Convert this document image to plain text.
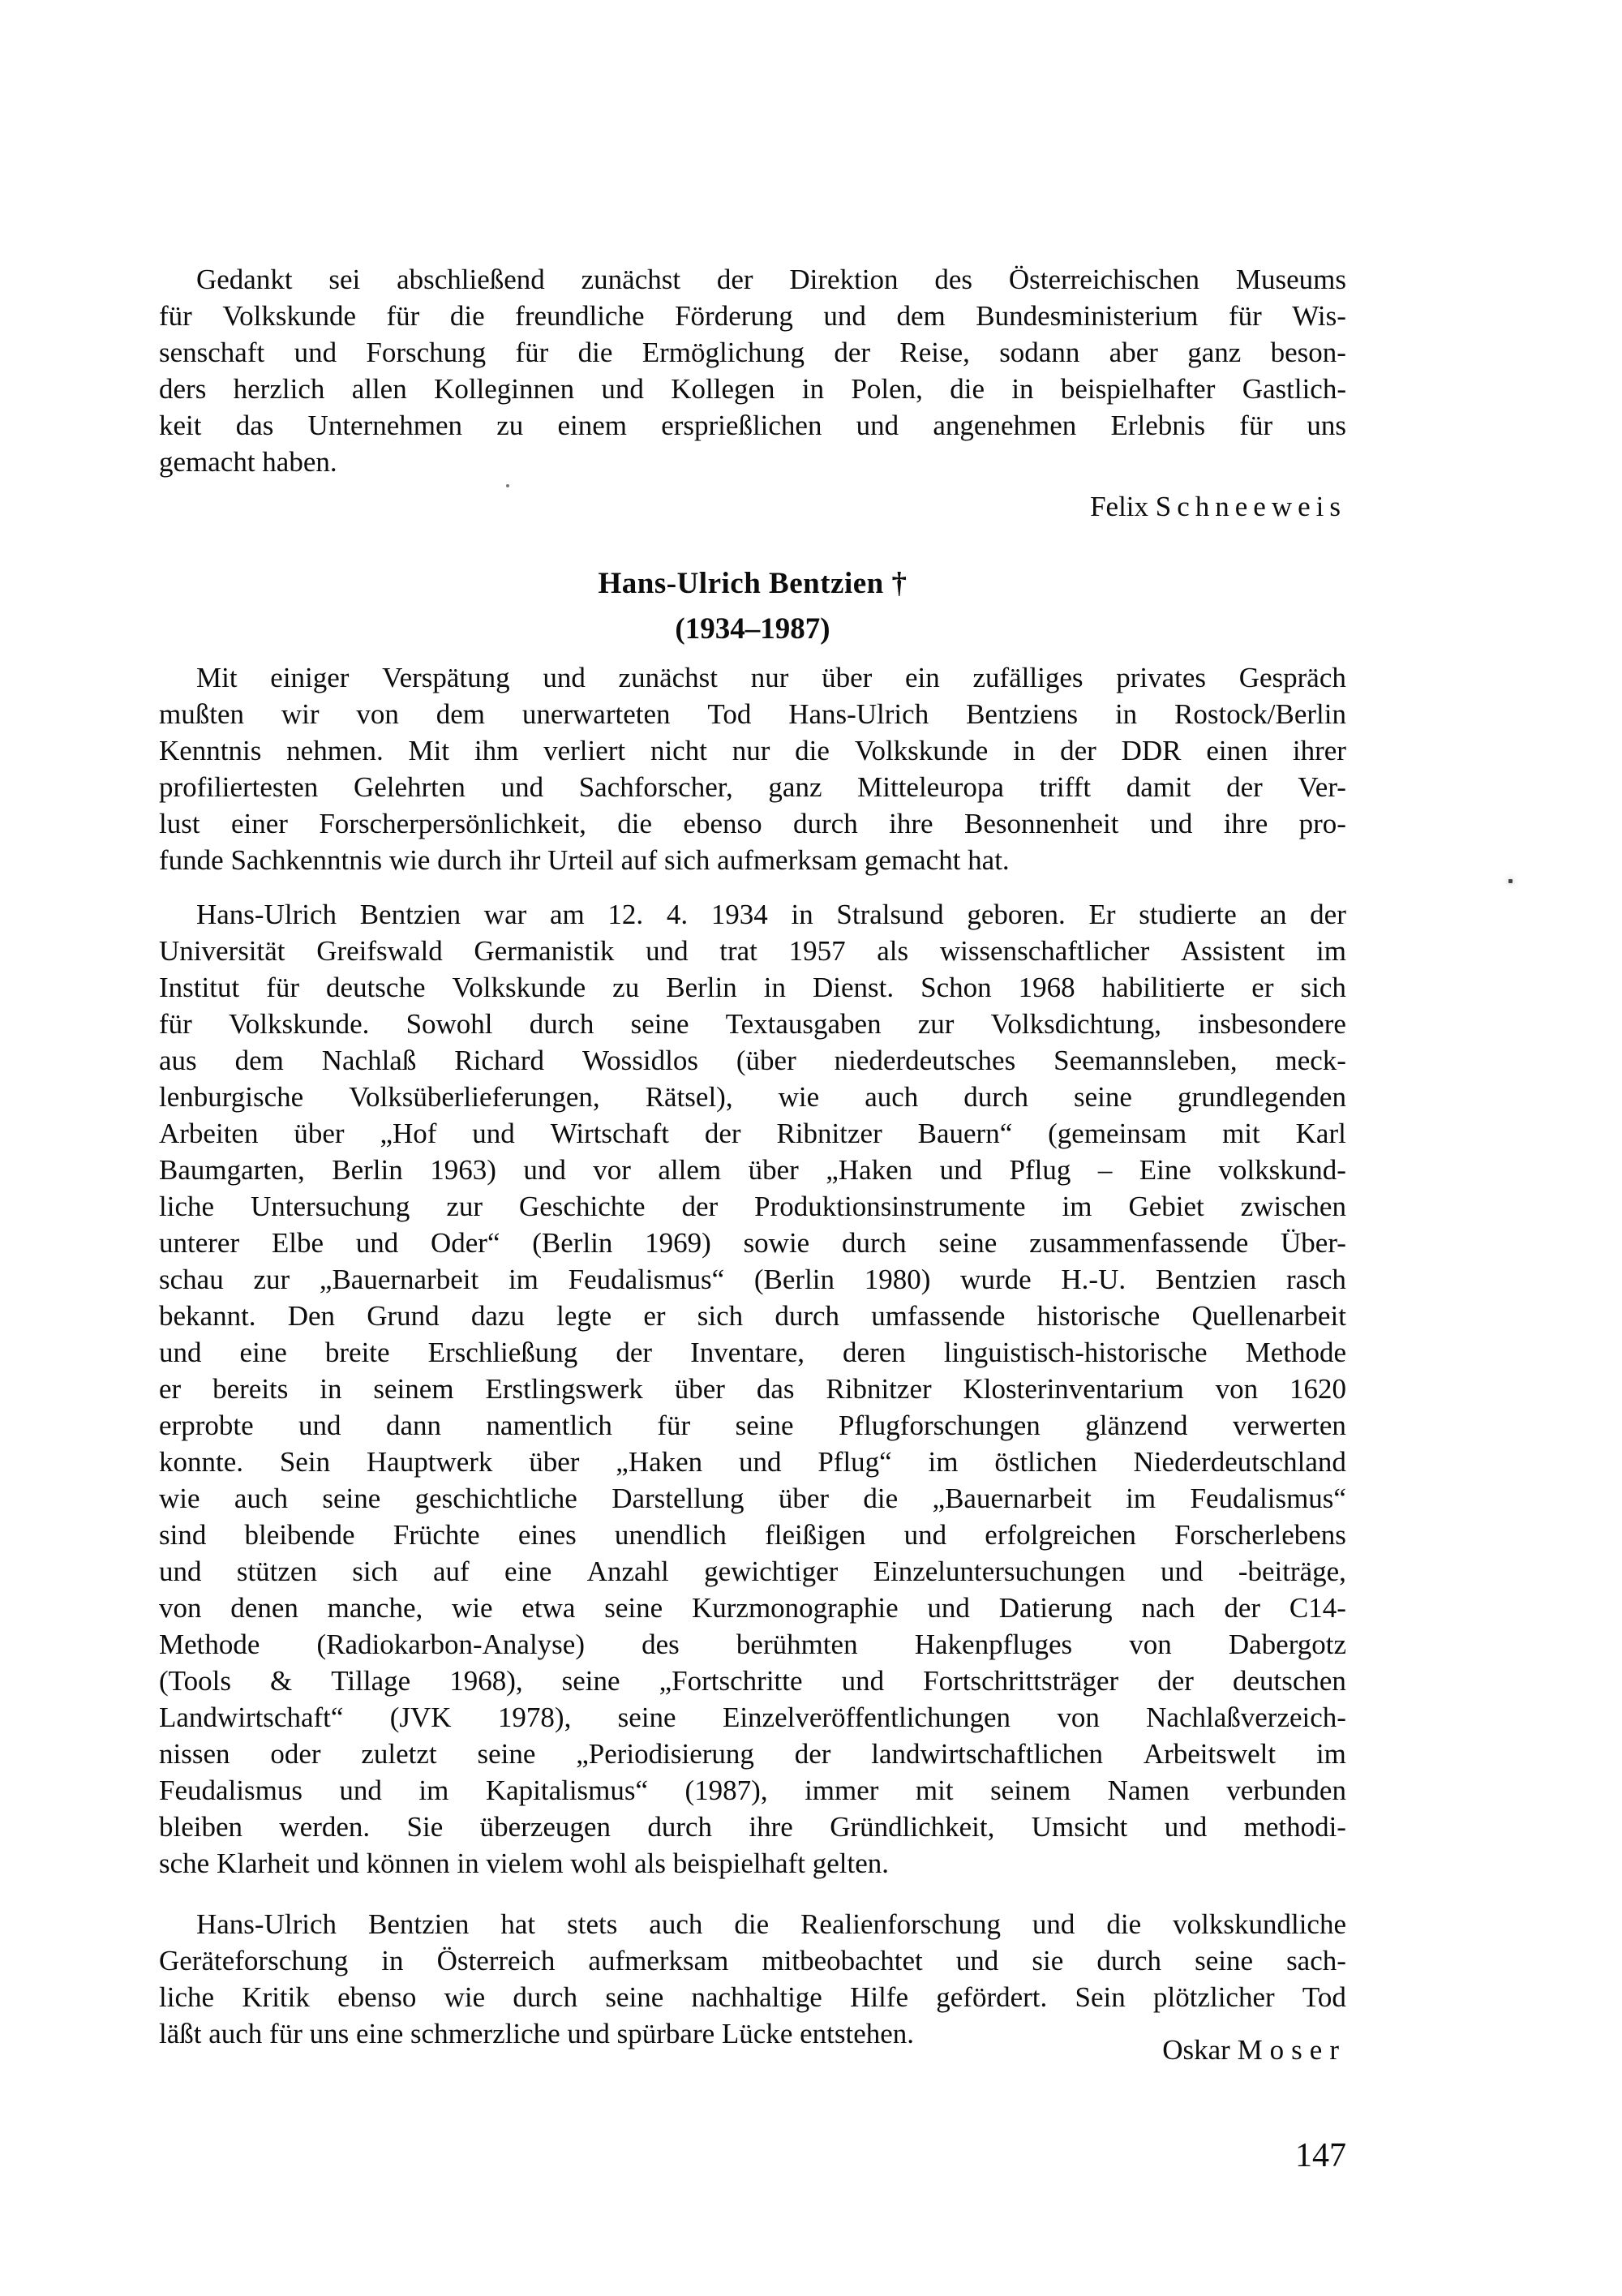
Gedankt sei abschließend zunächst der Direktion des Österreichischen Museums
für Volkskunde für die freundliche Förderung und dem Bundesministerium für Wis-
senschaft und Forschung für die Ermöglichung der Reise, sodann aber ganz beson-
ders herzlich allen Kolleginnen und Kollegen in Polen, die in beispielhafter Gastlich-
keit das Unternehmen zu einem ersprießlichen und angenehmen Erlebnis für uns
gemacht haben.
Felix Schneeweis
Hans-Ulrich Bentzien †
(1934–1987)
Mit einiger Verspätung und zunächst nur über ein zufälliges privates Gespräch
mußten wir von dem unerwarteten Tod Hans-Ulrich Bentziens in Rostock/Berlin
Kenntnis nehmen. Mit ihm verliert nicht nur die Volkskunde in der DDR einen ihrer
profiliertesten Gelehrten und Sachforscher, ganz Mitteleuropa trifft damit der Ver-
lust einer Forscherpersönlichkeit, die ebenso durch ihre Besonnenheit und ihre pro-
funde Sachkenntnis wie durch ihr Urteil auf sich aufmerksam gemacht hat.
Hans-Ulrich Bentzien war am 12. 4. 1934 in Stralsund geboren. Er studierte an der
Universität Greifswald Germanistik und trat 1957 als wissenschaftlicher Assistent im
Institut für deutsche Volkskunde zu Berlin in Dienst. Schon 1968 habilitierte er sich
für Volkskunde. Sowohl durch seine Textausgaben zur Volksdichtung, insbesondere
aus dem Nachlaß Richard Wossidlos (über niederdeutsches Seemannsleben, meck-
lenburgische Volksüberlieferungen, Rätsel), wie auch durch seine grundlegenden
Arbeiten über „Hof und Wirtschaft der Ribnitzer Bauern“ (gemeinsam mit Karl
Baumgarten, Berlin 1963) und vor allem über „Haken und Pflug – Eine volkskund-
liche Untersuchung zur Geschichte der Produktionsinstrumente im Gebiet zwischen
unterer Elbe und Oder“ (Berlin 1969) sowie durch seine zusammenfassende Über-
schau zur „Bauernarbeit im Feudalismus“ (Berlin 1980) wurde H.-U. Bentzien rasch
bekannt. Den Grund dazu legte er sich durch umfassende historische Quellenarbeit
und eine breite Erschließung der Inventare, deren linguistisch-historische Methode
er bereits in seinem Erstlingswerk über das Ribnitzer Klosterinventarium von 1620
erprobte und dann namentlich für seine Pflugforschungen glänzend verwerten
konnte. Sein Hauptwerk über „Haken und Pflug“ im östlichen Niederdeutschland
wie auch seine geschichtliche Darstellung über die „Bauernarbeit im Feudalismus“
sind bleibende Früchte eines unendlich fleißigen und erfolgreichen Forscherlebens
und stützen sich auf eine Anzahl gewichtiger Einzeluntersuchungen und -beiträge,
von denen manche, wie etwa seine Kurzmonographie und Datierung nach der C14-
Methode (Radiokarbon-Analyse) des berühmten Hakenpfluges von Dabergotz
(Tools & Tillage 1968), seine „Fortschritte und Fortschrittsträger der deutschen
Landwirtschaft“ (JVK 1978), seine Einzelveröffentlichungen von Nachlaßverzeich-
nissen oder zuletzt seine „Periodisierung der landwirtschaftlichen Arbeitswelt im
Feudalismus und im Kapitalismus“ (1987), immer mit seinem Namen verbunden
bleiben werden. Sie überzeugen durch ihre Gründlichkeit, Umsicht und methodi-
sche Klarheit und können in vielem wohl als beispielhaft gelten.
Hans-Ulrich Bentzien hat stets auch die Realienforschung und die volkskundliche
Geräteforschung in Österreich aufmerksam mitbeobachtet und sie durch seine sach-
liche Kritik ebenso wie durch seine nachhaltige Hilfe gefördert. Sein plötzlicher Tod
läßt auch für uns eine schmerzliche und spürbare Lücke entstehen.
Oskar Moser
147
